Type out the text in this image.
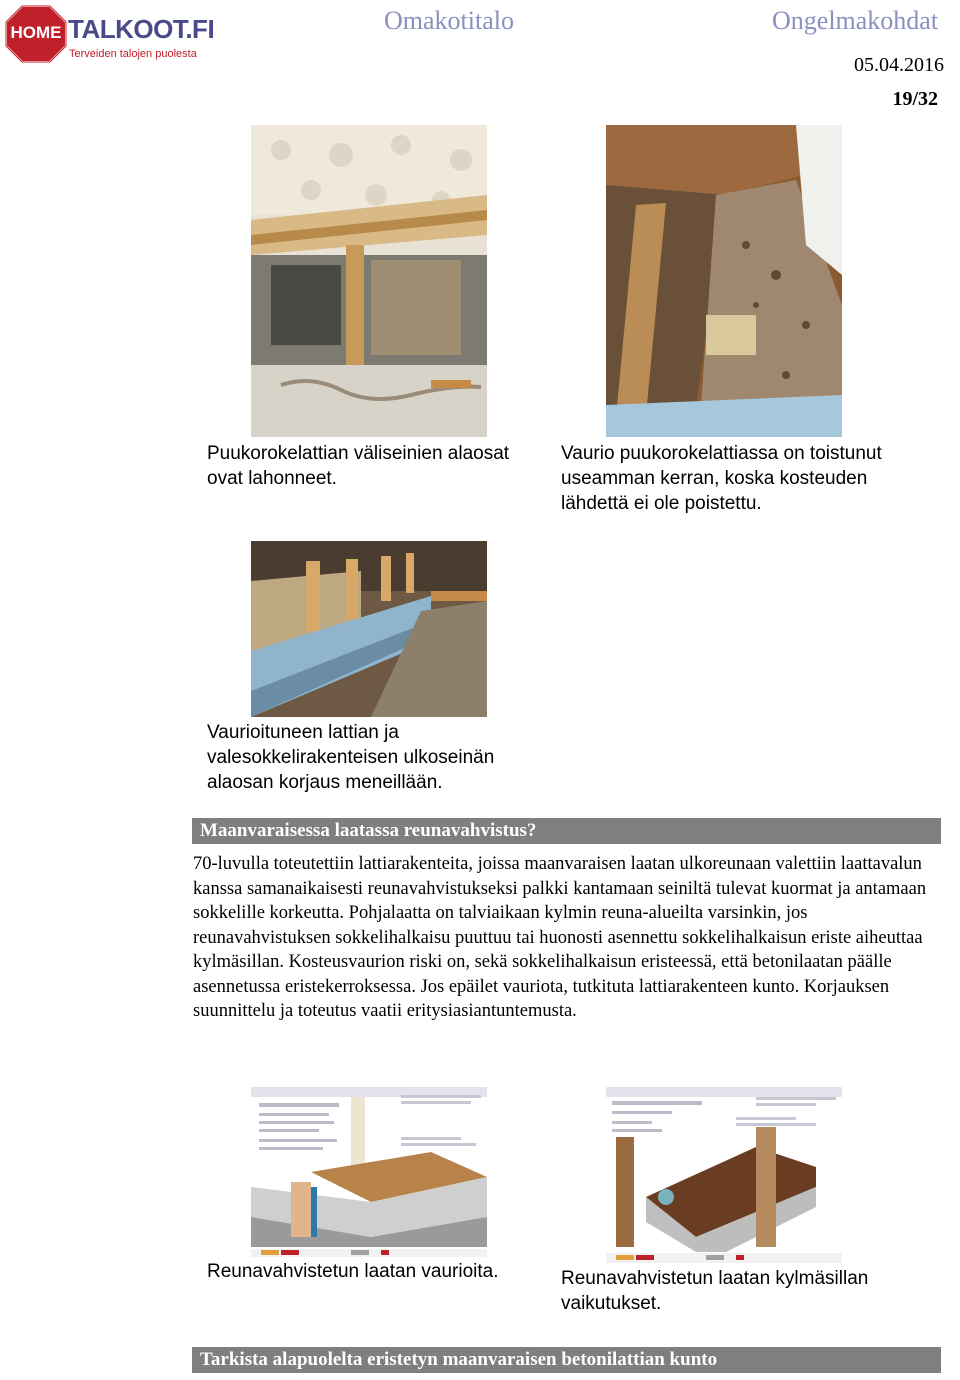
HOME TALKOOT.FI
Terveiden talojen puolesta
Omakotitalo	Ongelmakohdat
05.04.2016
19/32
Puukorokelattian väliseinien alaosat ovat lahonneet.
Vaurio puukorokelattiassa on toistunut useamman kerran, koska kosteuden lähdettä ei ole poistettu.
Vaurioituneen lattian ja valesokkelirakenteisen ulkoseinän alaosan korjaus meneillään.
Maanvaraisessa laatassa reunavahvistus?
70-luvulla toteutettiin lattiarakenteita, joissa maanvaraisen laatan ulkoreunaan valettiin laattavalun kanssa samanaikaisesti reunavahvistukseksi palkki kantamaan seiniltä tulevat kuormat ja antamaan sokkelille korkeutta. Pohjalaatta on talviaikaan kylmin reuna-alueilta varsinkin, jos reunavahvistuksen sokkelihalkaisu puuttuu tai huonosti asennettu sokkelihalkaisun eriste aiheuttaa kylmäsillan. Kosteusvaurion riski on, sekä sokkelihalkaisun eristeessä, että betonilaatan päälle asennetussa eristekerroksessa. Jos epäilet vauriota, tutkituta lattiarakenteen kunto. Korjauksen suunnittelu ja toteutus vaatii eritysiasiantuntemusta.
Reunavahvistetun laatan vaurioita.	Reunavahvistetun laatan kylmäsillan vaikutukset.
Tarkista alapuolelta eristetyn maanvaraisen betonilattian kunto
